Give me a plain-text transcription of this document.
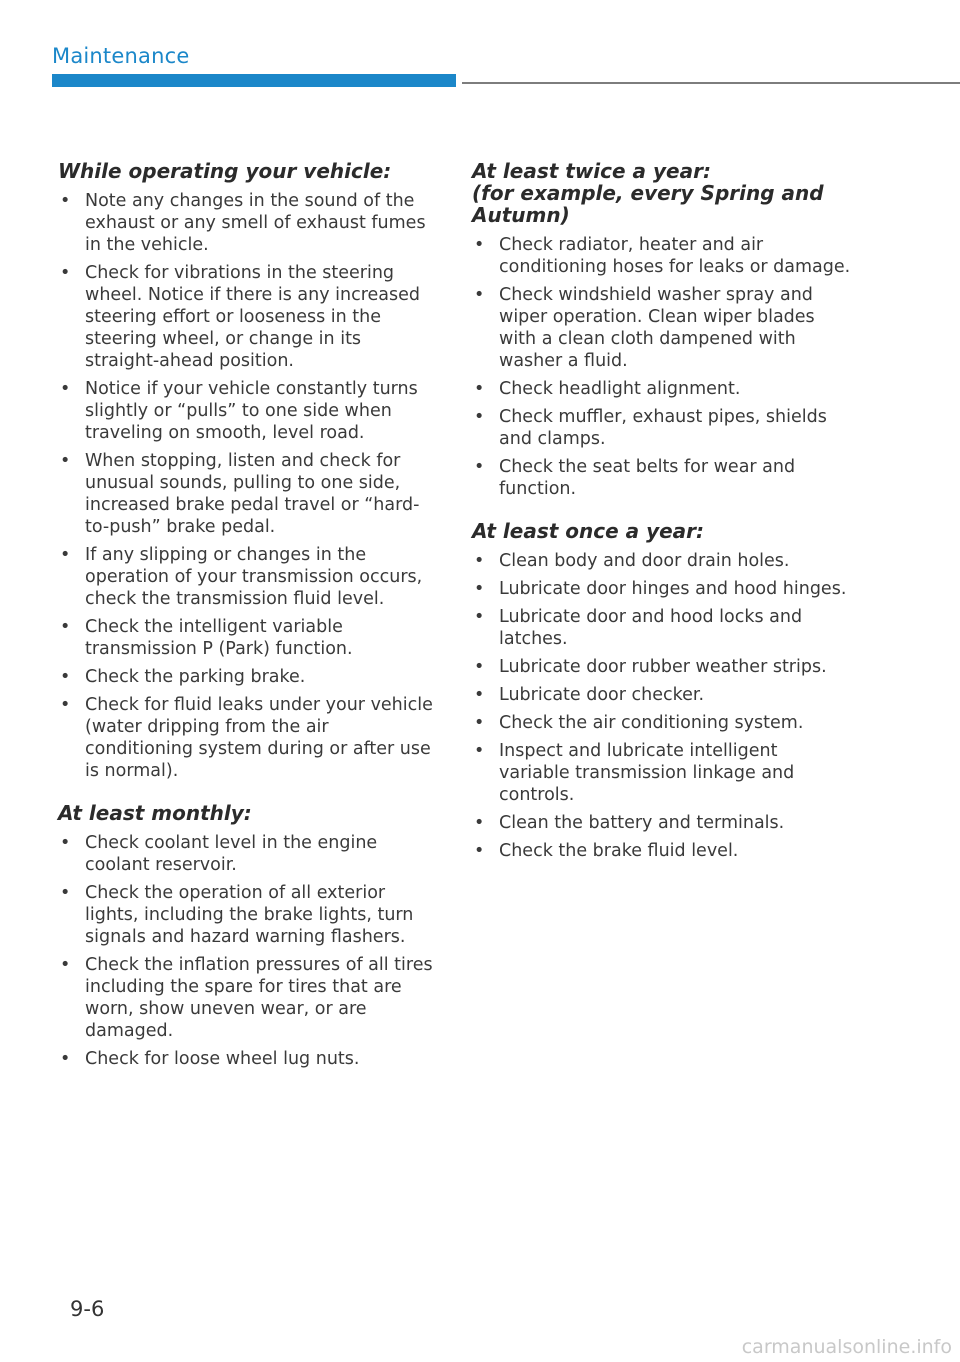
Maintenance
While operating your vehicle:
• Note any changes in the sound of the exhaust or any smell of exhaust fumes in the vehicle.
• Check for vibrations in the steering wheel. Notice if there is any increased steering effort or looseness in the steering wheel, or change in its straight-ahead position.
• Notice if your vehicle constantly turns slightly or “pulls” to one side when traveling on smooth, level road.
• When stopping, listen and check for unusual sounds, pulling to one side, increased brake pedal travel or “hard-to-push” brake pedal.
• If any slipping or changes in the operation of your transmission occurs, check the transmission fluid level.
• Check the intelligent variable transmission P (Park) function.
• Check the parking brake.
• Check for fluid leaks under your vehicle (water dripping from the air conditioning system during or after use is normal).
At least monthly:
• Check coolant level in the engine coolant reservoir.
• Check the operation of all exterior lights, including the brake lights, turn signals and hazard warning flashers.
• Check the inflation pressures of all tires including the spare for tires that are worn, show uneven wear, or are damaged.
• Check for loose wheel lug nuts.
At least twice a year:
(for example, every Spring and Autumn)
• Check radiator, heater and air conditioning hoses for leaks or damage.
• Check windshield washer spray and wiper operation. Clean wiper blades with a clean cloth dampened with washer a fluid.
• Check headlight alignment.
• Check muffler, exhaust pipes, shields and clamps.
• Check the seat belts for wear and function.
At least once a year:
• Clean body and door drain holes.
• Lubricate door hinges and hood hinges.
• Lubricate door and hood locks and latches.
• Lubricate door rubber weather strips.
• Lubricate door checker.
• Check the air conditioning system.
• Inspect and lubricate intelligent variable transmission linkage and controls.
• Clean the battery and terminals.
• Check the brake fluid level.
9-6
carmanualsonline.info
